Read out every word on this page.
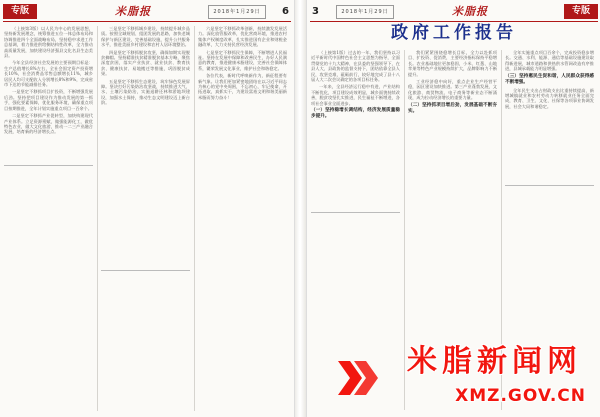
专版	米脂报	2018年1月29日	6

（上接第3版）以人民为中心的发展思想，坚持新发展理念，统筹推进五位一体总体布局和协调推进四个全面战略布局，坚持稳中求进工作总基调，着力推进供给侧结构性改革，全力推动高质量发展，加快建设经济强县文化名县生态美县。

今年全县经济社会发展的主要预期目标是：生产总值增长8%左右，全社会固定资产投资增长10%，社会消费品零售总额增长11%，城乡居民人均可支配收入分别增长8%和9%，完成省市下达的节能减排任务。

一是坚定不移抓项目扩投资，不断增强发展后劲。坚持把项目建设作为推动发展的第一抓手，强化要素保障，优化服务环境，确保重点项目按期推进，全年计划实施重点项目一百余个。

二是坚定不移抓产业促转型，加快构建现代产业体系。立足资源禀赋，做强能源化工，做优特色农业，做大文化旅游，推动一二三产业融合发展，培育新的经济增长点。

三是坚定不移抓城乡建设，持续提升城乡品质。按照全域规划、组团发展的思路，加快老城保护与新区建设，完善基础设施，提升公共服务水平，推进美丽乡村建设和农村人居环境整治。

四是坚定不移抓脱贫攻坚，确保如期实现脱贫摘帽。坚持精准扶贫精准脱贫基本方略，聚焦深度贫困，落实产业扶贫、就业扶贫、教育扶贫、健康扶贫、易地搬迁等措施，巩固脱贫成果。

五是坚定不移抓生态建设，筑牢绿色发展屏障。坚决打好污染防治攻坚战，持续推进大气、水、土壤污染防治，实施退耕还林和淤地坝建设，加强水土保持，推动生态文明建设迈上新台阶。

六是坚定不移抓改革创新，持续激发发展活力。深化放管服改革，优化营商环境，推进农村集体产权制度改革，扎实推进国有企业和财税金融改革，大力支持民营经济发展。

七是坚定不移抓民生保障，不断增进人民福祉。坚持在发展中保障和改善民生，办好人民满意的教育，推进健康米脂建设，完善社会保障体系，繁荣发展文化事业，维护社会和谐稳定。

各位代表，新时代呼唤新作为，新征程要有新气象。让我们更加紧密地团结在以习近平同志为核心的党中央周围，不忘初心，牢记使命，开拓进取，真抓实干，为建设富裕文明和谐美丽新米脂而努力奋斗！

3	2018年1月29日	米脂报	专版
政府工作报告

（上接第1版）过去的一年，我们坚持以习近平新时代中国特色社会主义思想为指导，全面贯彻党的十九大精神，在县委的坚强领导下，在县人大、县政协的监督支持下，团结依靠全县人民，攻坚克难，砥砺前行，较好地完成了县十八届人大二次会议确定的各项目标任务。

一年来，全县经济运行稳中有进，产业结构不断优化，项目建设成效明显，城乡面貌持续改善，脱贫攻坚扎实推进，民生福祉不断增进，各项社会事业全面进步。

（一）坚持稳增长调结构，经济发展质量稳步提升。

我们紧紧围绕稳增长目标，全力以赴抓项目、扩投资、促消费，主要经济指标保持平稳增长。农业基础地位更加稳固，小米、红葱、山地苹果等特色产业规模持续扩大，品牌影响力不断提升。

工业经济稳中向好，重点企业生产经营平稳，园区建设加快推进。第三产业蓬勃发展，文化旅游、商贸物流、电子商务等新业态不断涌现，成为拉动经济增长的重要力量。

（二）坚持抓项目增后劲，发展基础不断夯实。

全年实施重点项目百余个，完成投资稳步增长。交通、水利、能源、通信等基础设施建设取得新进展，城市道路和供热供水管网改造有序推进，县城承载能力明显增强。

（三）坚持惠民生促和谐，人民群众获得感不断增强。

全年民生支出占财政支出比重持续提高，新增城镇就业和农村劳动力转移就业任务全面完成，教育、卫生、文化、社保等各项事业协调发展，社会大局和谐稳定。

米脂新闻网
XMZ.GOV.CN
